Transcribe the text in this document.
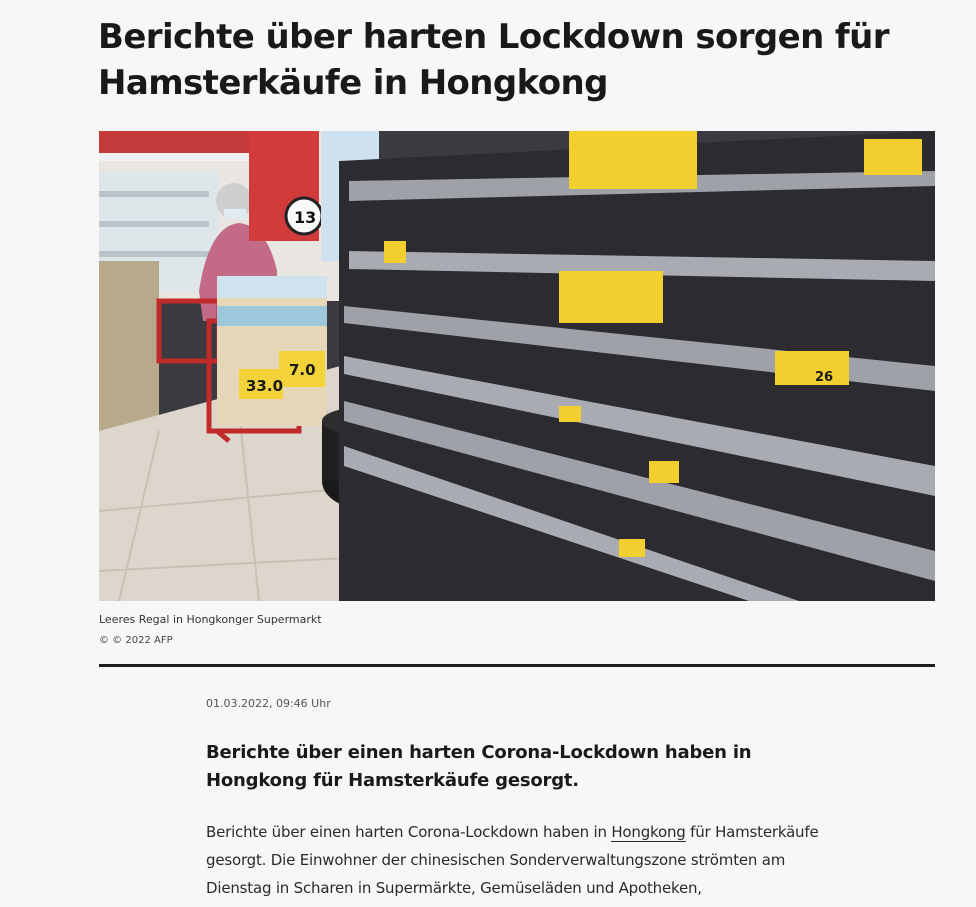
Berichte über harten Lockdown sorgen für Hamsterkäufe in Hongkong
33.0
7.0
13
26
Leeres Regal in Hongkonger Supermarkt
© © 2022 AFP
01.03.2022, 09:46 Uhr

Berichte über einen harten Corona-Lockdown haben in Hongkong für Hamsterkäufe gesorgt.

Berichte über einen harten Corona-Lockdown haben in Hongkong für Hamsterkäufe gesorgt. Die Einwohner der chinesischen Sonderverwaltungszone strömten am Dienstag in Scharen in Supermärkte, Gemüseläden und Apotheken,
